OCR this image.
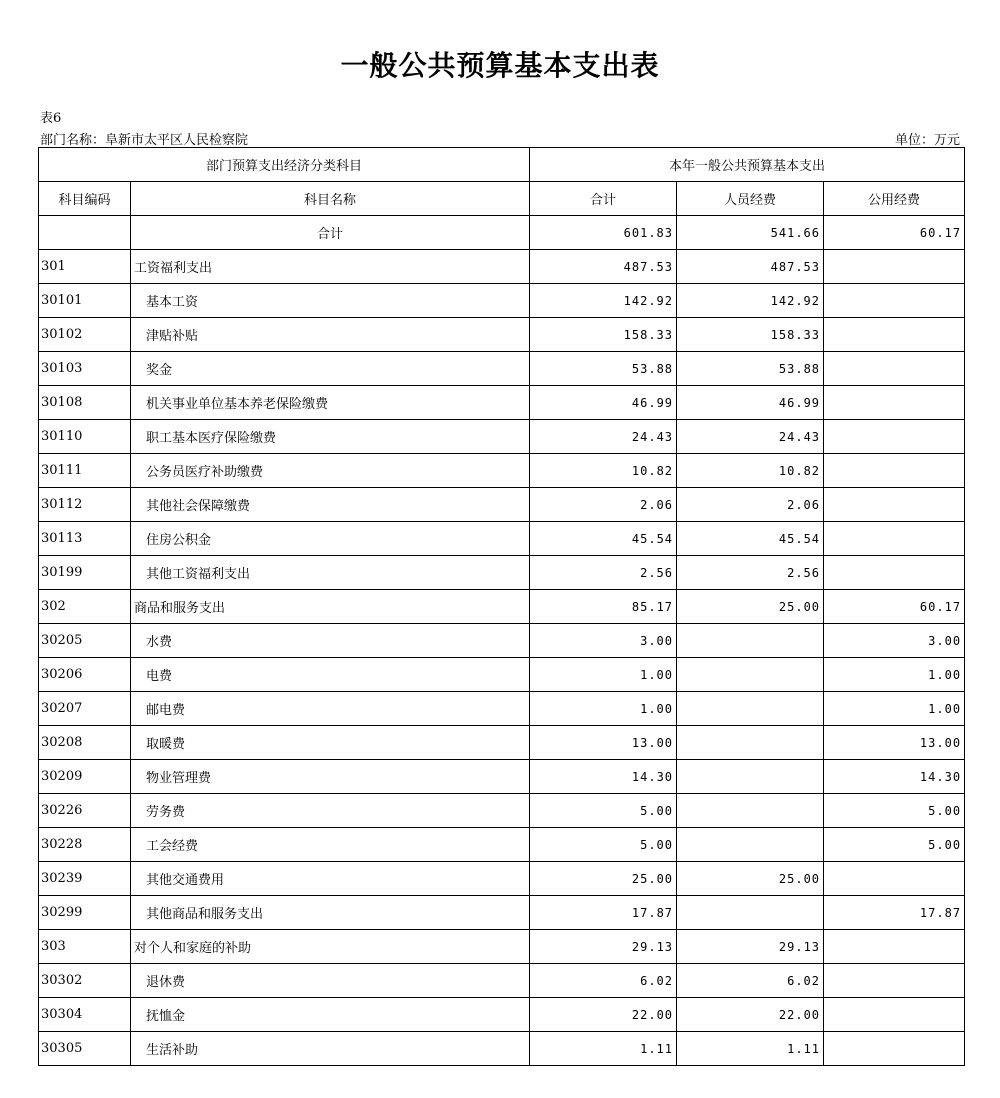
一般公共预算基本支出表
表6
部门名称：阜新市太平区人民检察院	单位：万元
部门预算支出经济分类科目		本年一般公共预算基本支出		
科目编码	科目名称	合计	人员经费	公用经费
	合计	601.83	541.66	60.17
301	工资福利支出	487.53	487.53	
30101	基本工资	142.92	142.92	
30102	津贴补贴	158.33	158.33	
30103	奖金	53.88	53.88	
30108	机关事业单位基本养老保险缴费	46.99	46.99	
30110	职工基本医疗保险缴费	24.43	24.43	
30111	公务员医疗补助缴费	10.82	10.82	
30112	其他社会保障缴费	2.06	2.06	
30113	住房公积金	45.54	45.54	
30199	其他工资福利支出	2.56	2.56	
302	商品和服务支出	85.17	25.00	60.17
30205	水费	3.00		3.00
30206	电费	1.00		1.00
30207	邮电费	1.00		1.00
30208	取暖费	13.00		13.00
30209	物业管理费	14.30		14.30
30226	劳务费	5.00		5.00
30228	工会经费	5.00		5.00
30239	其他交通费用	25.00	25.00	
30299	其他商品和服务支出	17.87		17.87
303	对个人和家庭的补助	29.13	29.13	
30302	退休费	6.02	6.02	
30304	抚恤金	22.00	22.00	
30305	生活补助	1.11	1.11	
